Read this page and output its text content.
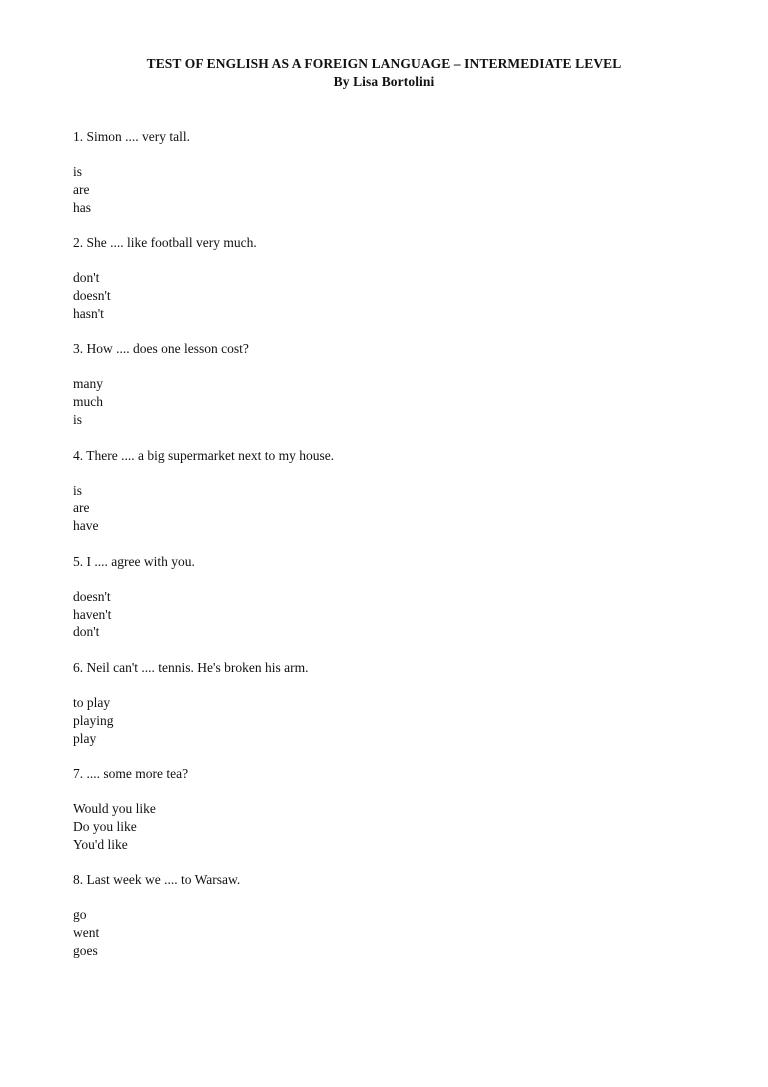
TEST OF ENGLISH AS A FOREIGN LANGUAGE – INTERMEDIATE LEVEL
By Lisa Bortolini
1. Simon .... very tall.
is
are
has
2. She .... like football very much.
don't
doesn't
hasn't
3. How .... does one lesson cost?
many
much
is
4. There .... a big supermarket next to my house.
is
are
have
5. I .... agree with you.
doesn't
haven't
don't
6. Neil can't .... tennis. He's broken his arm.
to play
playing
play
7. .... some more tea?
Would you like
Do you like
You'd like
8. Last week we .... to Warsaw.
go
went
goes
